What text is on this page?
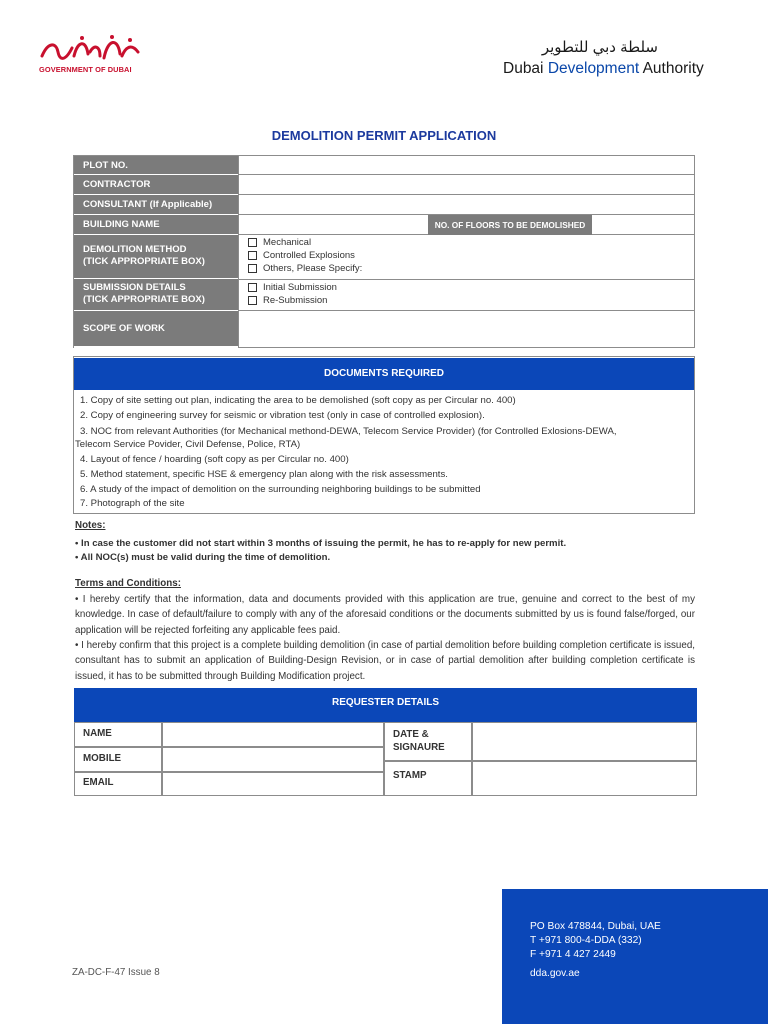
GOVERNMENT OF DUBAI
سلطة دبي للتطوير
Dubai Development Authority
DEMOLITION PERMIT APPLICATION
PLOT NO.
CONTRACTOR
CONSULTANT (If Applicable)
BUILDING NAME	NO. OF FLOORS TO BE DEMOLISHED
DEMOLITION METHOD
(TICK APPROPRIATE BOX)
Mechanical
Controlled Explosions
Others, Please Specify:
SUBMISSION DETAILS
(TICK APPROPRIATE BOX)
Initial Submission
Re-Submission
SCOPE OF WORK
DOCUMENTS REQUIRED
1. Copy of site setting out plan, indicating the area to be demolished (soft copy as per Circular no. 400)
2. Copy of engineering survey for seismic or vibration test (only in case of controlled explosion).
3. NOC from relevant Authorities (for Mechanical methond-DEWA, Telecom Service Provider) (for Controlled Exlosions-DEWA,
Telecom Service Povider, Civil Defense, Police, RTA)
4. Layout of fence / hoarding (soft copy as per Circular no. 400)
5. Method statement, specific HSE & emergency plan along with the risk assessments.
6. A study of the impact of demolition on the surrounding neighboring buildings to be submitted
7. Photograph of the site
Notes:
• In case the customer did not start within 3 months of issuing the permit, he has to re-apply for new permit.
• All NOC(s) must be valid during the time of demolition.
Terms and Conditions:
• I hereby certify that the information, data and documents provided with this application are true, genuine and correct to the best of my knowledge. In case of default/failure to comply with any of the aforesaid conditions or the documents submitted by us is found false/forged, our application will be rejected forfeiting any applicable fees paid.
• I hereby confirm that this project is a complete building demolition (in case of partial demolition before building completion certificate is issued, consultant has to submit an application of Building-Design Revision, or in case of partial demolition after building completion certificate is issued, it has to be submitted through Building Modification project.
REQUESTER DETAILS
NAME
MOBILE
EMAIL
DATE &
SIGNAURE
STAMP
ZA-DC-F-47 Issue 8
PO Box 478844, Dubai, UAE
T +971 800-4-DDA (332)
F +971 4 427 2449
dda.gov.ae
